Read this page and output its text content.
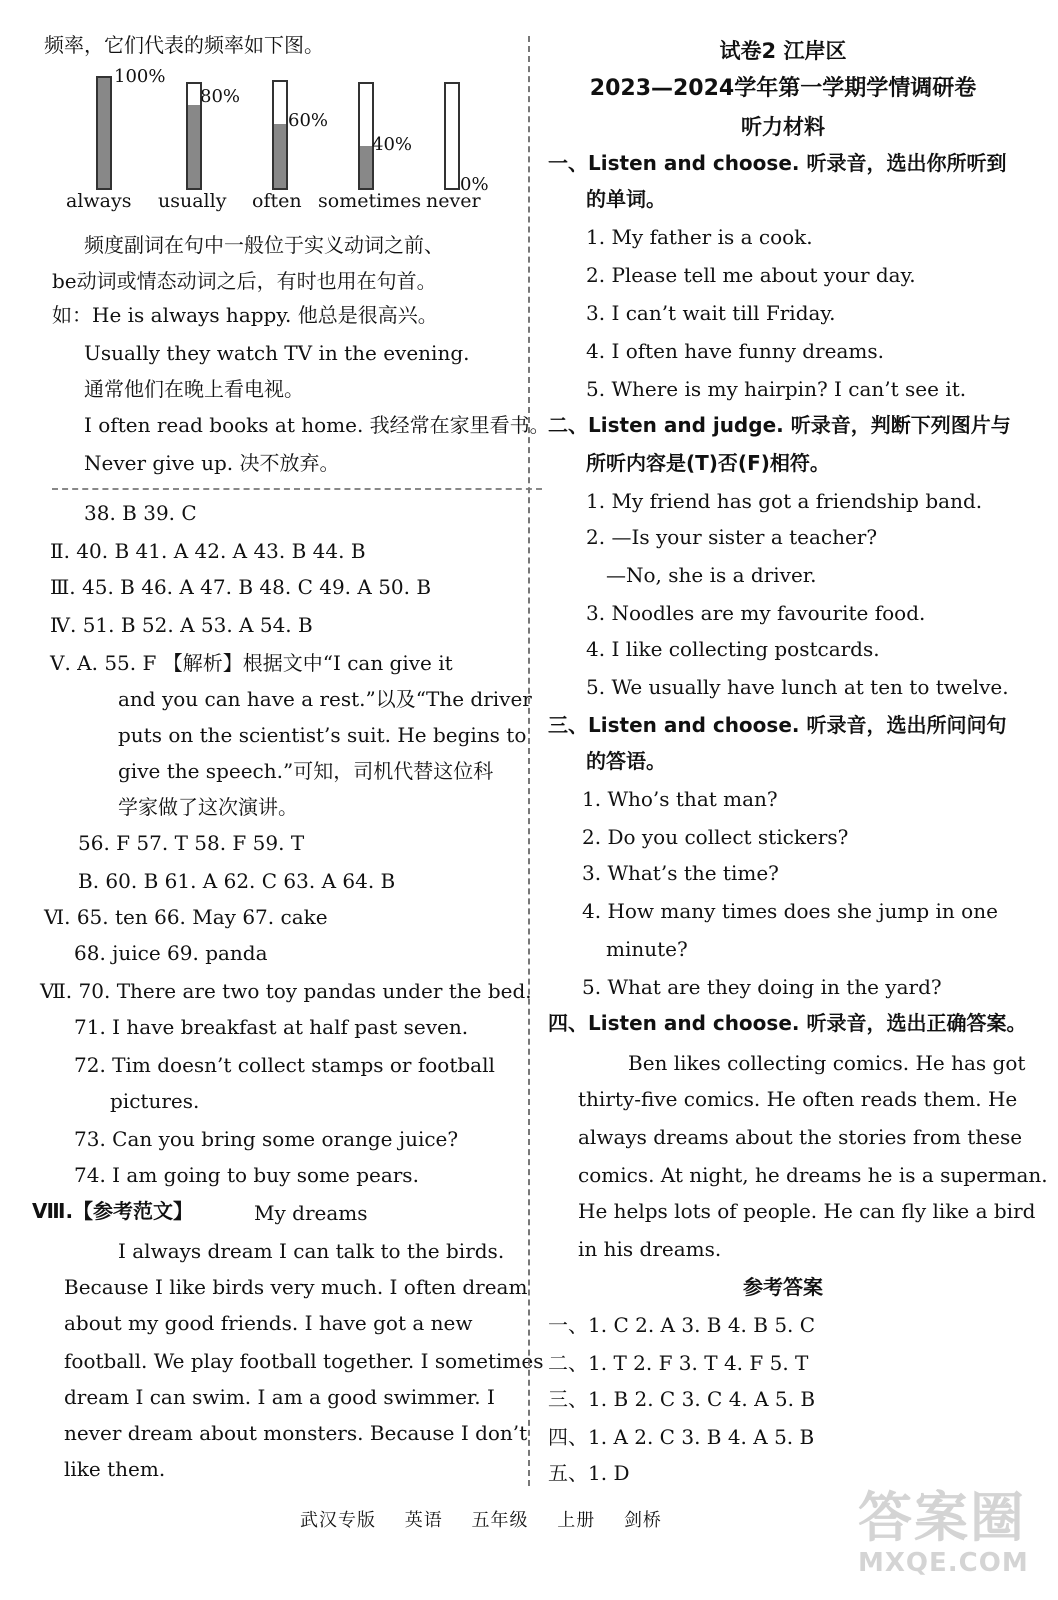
频率，它们代表的频率如下图。
100%
always
80%
usually
60%
often
40%
sometimes
0%
never
频度副词在句中一般位于实义动词之前、
be动词或情态动词之后，有时也用在句首。
如：He is always happy. 他总是很高兴。
Usually they watch TV in the evening.
通常他们在晚上看电视。
I often read books at home. 我经常在家里看书。
Never give up. 决不放弃。
38. B 39. C
Ⅱ. 40. B 41. A 42. A 43. B 44. B
Ⅲ. 45. B 46. A 47. B 48. C 49. A 50. B
Ⅳ. 51. B 52. A 53. A 54. B
Ⅴ. A. 55. F 【解析】根据文中“I can give it
and you can have a rest.”以及“The driver
puts on the scientist’s suit. He begins to
give the speech.”可知，司机代替这位科
学家做了这次演讲。
56. F 57. T 58. F 59. T
B. 60. B 61. A 62. C 63. A 64. B
Ⅵ. 65. ten 66. May 67. cake
68. juice 69. panda
Ⅶ. 70. There are two toy pandas under the bed.
71. I have breakfast at half past seven.
72. Tim doesn’t collect stamps or football
pictures.
73. Can you bring some orange juice?
74. I am going to buy some pears.
Ⅷ.【参考范文】	My dreams
I always dream I can talk to the birds.
Because I like birds very much. I often dream
about my good friends. I have got a new
football. We play football together. I sometimes
dream I can swim. I am a good swimmer. I
never dream about monsters. Because I don’t
like them.
试卷2 江岸区
2023—2024学年第一学期学情调研卷
听力材料
一、Listen and choose. 听录音，选出你所听到
的单词。
1. My father is a cook.
2. Please tell me about your day.
3. I can’t wait till Friday.
4. I often have funny dreams.
5. Where is my hairpin? I can’t see it.
二、Listen and judge. 听录音，判断下列图片与
所听内容是(T)否(F)相符。
1. My friend has got a friendship band.
2. —Is your sister a teacher?
—No, she is a driver.
3. Noodles are my favourite food.
4. I like collecting postcards.
5. We usually have lunch at ten to twelve.
三、Listen and choose. 听录音，选出所问问句
的答语。
1. Who’s that man?
2. Do you collect stickers?
3. What’s the time?
4. How many times does she jump in one
minute?
5. What are they doing in the yard?
四、Listen and choose. 听录音，选出正确答案。
Ben likes collecting comics. He has got
thirty-five comics. He often reads them. He
always dreams about the stories from these
comics. At night, he dreams he is a superman.
He helps lots of people. He can fly like a bird
in his dreams.
参考答案
一、1. C 2. A 3. B 4. B 5. C
二、1. T 2. F 3. T 4. F 5. T
三、1. B 2. C 3. C 4. A 5. B
四、1. A 2. C 3. B 4. A 5. B
五、1. D
武汉专版 英语 五年级 上册 剑桥	答案圈
MXQE.COM
